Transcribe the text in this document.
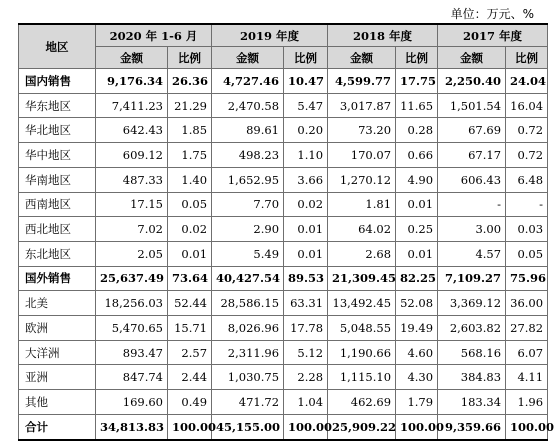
单位：万元、%
地区	2020 年 1-6 月		2019 年度		2018 年度		2017 年度	
	金额	比例	金额	比例	金额	比例	金额	比例
国内销售	9,176.34	26.36	4,727.46	10.47	4,599.77	17.75	2,250.40	24.04
华东地区	7,411.23	21.29	2,470.58	5.47	3,017.87	11.65	1,501.54	16.04
华北地区	642.43	1.85	89.61	0.20	73.20	0.28	67.69	0.72
华中地区	609.12	1.75	498.23	1.10	170.07	0.66	67.17	0.72
华南地区	487.33	1.40	1,652.95	3.66	1,270.12	4.90	606.43	6.48
西南地区	17.15	0.05	7.70	0.02	1.81	0.01	-	-
西北地区	7.02	0.02	2.90	0.01	64.02	0.25	3.00	0.03
东北地区	2.05	0.01	5.49	0.01	2.68	0.01	4.57	0.05
国外销售	25,637.49	73.64	40,427.54	89.53	21,309.45	82.25	7,109.27	75.96
北美	18,256.03	52.44	28,586.15	63.31	13,492.45	52.08	3,369.12	36.00
欧洲	5,470.65	15.71	8,026.96	17.78	5,048.55	19.49	2,603.82	27.82
大洋洲	893.47	2.57	2,311.96	5.12	1,190.66	4.60	568.16	6.07
亚洲	847.74	2.44	1,030.75	2.28	1,115.10	4.30	384.83	4.11
其他	169.60	0.49	471.72	1.04	462.69	1.79	183.34	1.96
合计	34,813.83	100.00	45,155.00	100.00	25,909.22	100.00	9,359.66	100.00
